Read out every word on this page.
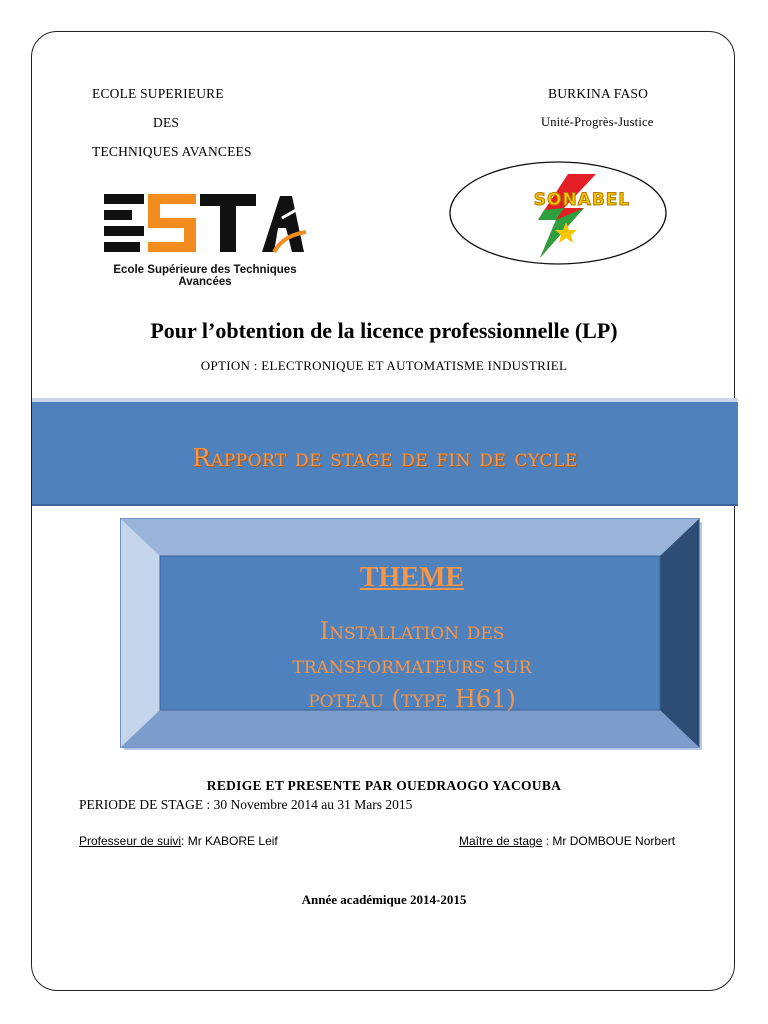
ECOLE SUPERIEURE
DES
TECHNIQUES AVANCEES
BURKINA FASO
Unité-Progrès-Justice
Ecole Supérieure des Techniques Avancées
SONABEL
Pour l’obtention de la licence professionnelle (LP)
OPTION : ELECTRONIQUE ET AUTOMATISME INDUSTRIEL
Rapport de stage de fin de cycle
THEME
Installation des
transformateurs sur
poteau (type H61)
REDIGE ET PRESENTE PAR OUEDRAOGO YACOUBA
PERIODE DE STAGE : 30 Novembre 2014 au 31 Mars 2015
Professeur de suivi: Mr KABORE Leif	Maître de stage : Mr DOMBOUE Norbert
Année académique 2014-2015
